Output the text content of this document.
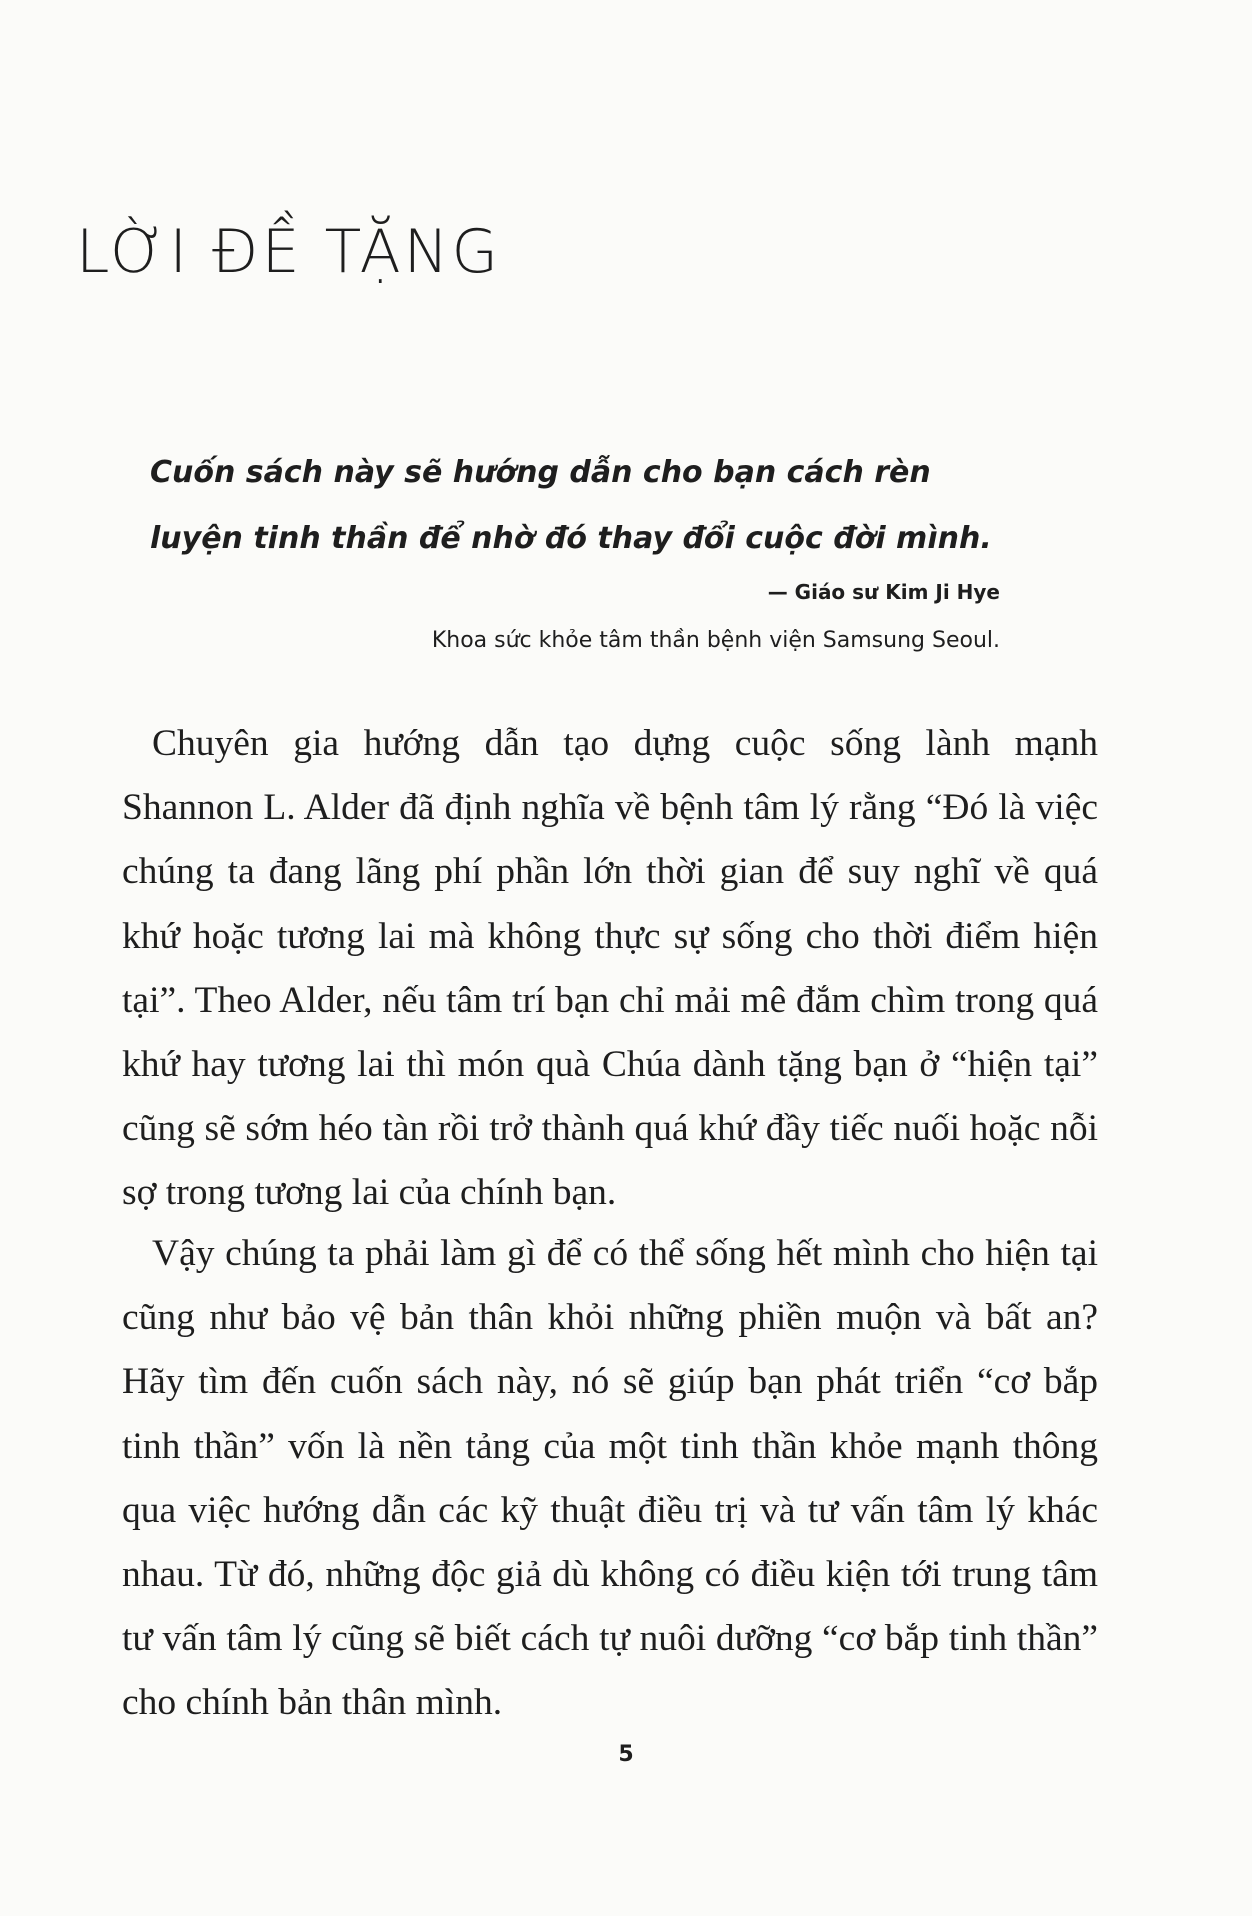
LỜI ĐỀ TẶNG

Cuốn sách này sẽ hướng dẫn cho bạn cách rèn luyện tinh thần để nhờ đó thay đổi cuộc đời mình.

— Giáo sư Kim Ji Hye
Khoa sức khỏe tâm thần bệnh viện Samsung Seoul.

Chuyên gia hướng dẫn tạo dựng cuộc sống lành mạnh Shannon L. Alder đã định nghĩa về bệnh tâm lý rằng “Đó là việc chúng ta đang lãng phí phần lớn thời gian để suy nghĩ về quá khứ hoặc tương lai mà không thực sự sống cho thời điểm hiện tại”. Theo Alder, nếu tâm trí bạn chỉ mải mê đắm chìm trong quá khứ hay tương lai thì món quà Chúa dành tặng bạn ở “hiện tại” cũng sẽ sớm héo tàn rồi trở thành quá khứ đầy tiếc nuối hoặc nỗi sợ trong tương lai của chính bạn.

Vậy chúng ta phải làm gì để có thể sống hết mình cho hiện tại cũng như bảo vệ bản thân khỏi những phiền muộn và bất an? Hãy tìm đến cuốn sách này, nó sẽ giúp bạn phát triển “cơ bắp tinh thần” vốn là nền tảng của một tinh thần khỏe mạnh thông qua việc hướng dẫn các kỹ thuật điều trị và tư vấn tâm lý khác nhau. Từ đó, những độc giả dù không có điều kiện tới trung tâm tư vấn tâm lý cũng sẽ biết cách tự nuôi dưỡng “cơ bắp tinh thần” cho chính bản thân mình.

5
